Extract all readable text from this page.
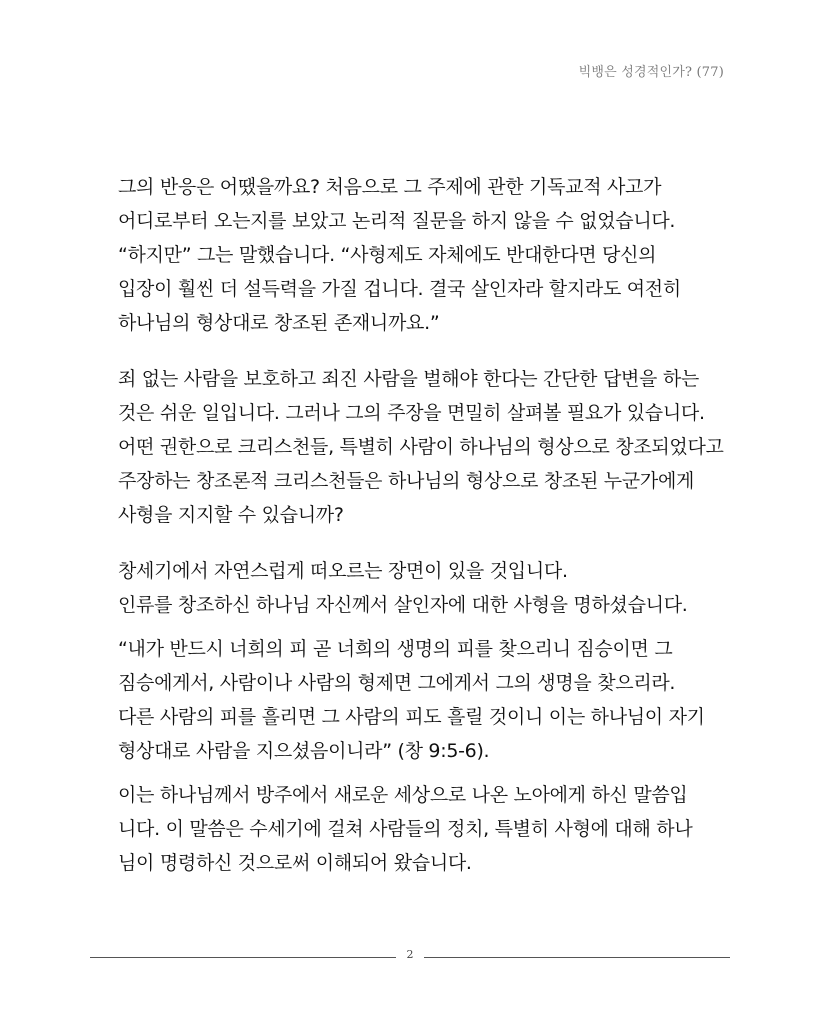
빅뱅은 성경적인가? (77)

그의 반응은 어땠을까요? 처음으로 그 주제에 관한 기독교적 사고가

어디로부터 오는지를 보았고 논리적 질문을 하지 않을 수 없었습니다.

“하지만” 그는 말했습니다. “사형제도 자체에도 반대한다면 당신의

입장이 훨씬 더 설득력을 가질 겁니다. 결국 살인자라 할지라도 여전히

하나님의 형상대로 창조된 존재니까요.”

죄 없는 사람을 보호하고 죄진 사람을 벌해야 한다는 간단한 답변을 하는

것은 쉬운 일입니다. 그러나 그의 주장을 면밀히 살펴볼 필요가 있습니다.

어떤 권한으로 크리스천들, 특별히 사람이 하나님의 형상으로 창조되었다고

주장하는 창조론적 크리스천들은 하나님의 형상으로 창조된 누군가에게

사형을 지지할 수 있습니까?

창세기에서 자연스럽게 떠오르는 장면이 있을 것입니다.

인류를 창조하신 하나님 자신께서 살인자에 대한 사형을 명하셨습니다.

“내가 반드시 너희의 피 곧 너희의 생명의 피를 찾으리니 짐승이면 그

짐승에게서, 사람이나 사람의 형제면 그에게서 그의 생명을 찾으리라.

다른 사람의 피를 흘리면 그 사람의 피도 흘릴 것이니 이는 하나님이 자기

형상대로 사람을 지으셨음이니라” (창 9:5-6).

이는 하나님께서 방주에서 새로운 세상으로 나온 노아에게 하신 말씀입

니다. 이 말씀은 수세기에 걸쳐 사람들의 정치, 특별히 사형에 대해 하나

님이 명령하신 것으로써 이해되어 왔습니다.

2
